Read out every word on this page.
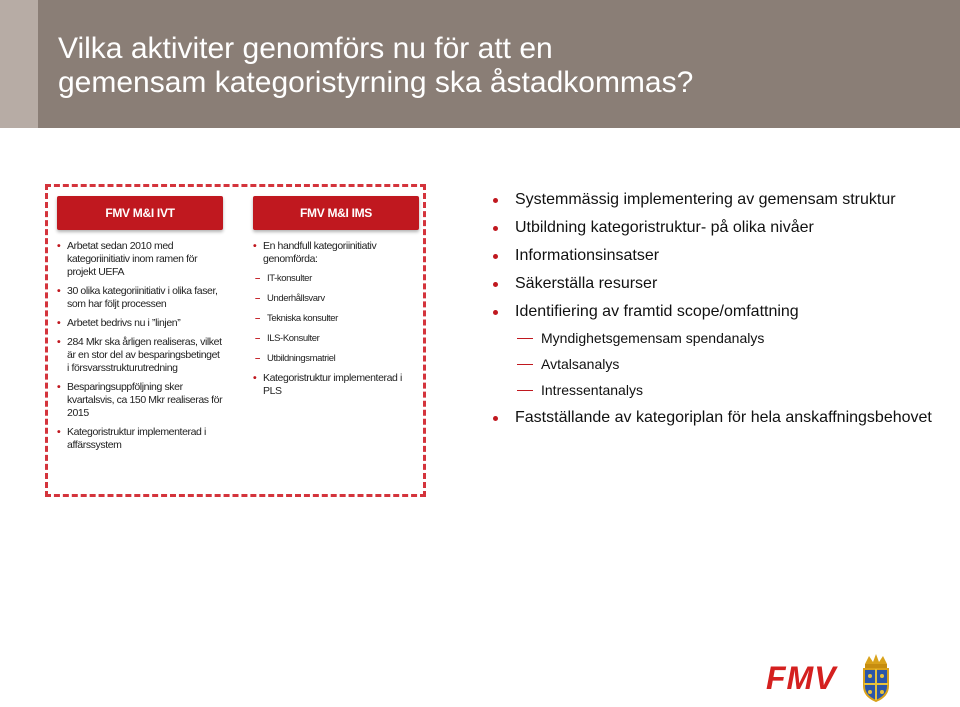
Vilka aktiviter genomförs nu för att en
gemensam kategoristyrning ska åstadkommas?
FMV M&I IVT
• Arbetat sedan 2010 med kategoriinitiativ inom ramen för projekt UEFA
• 30 olika kategoriinitiativ i olika faser, som har följt processen
• Arbetet bedrivs nu i ”linjen”
• 284 Mkr ska årligen realiseras, vilket är en stor del av besparingsbetinget i försvarsstrukturutredning
• Besparingsuppföljning sker kvartalsvis, ca 150 Mkr realiseras för 2015
• Kategoristruktur implementerad i affärssystem
FMV M&I IMS
• En handfull kategoriinitiativ genomförda:
– IT-konsulter
– Underhållsvarv
– Tekniska konsulter
– ILS-Konsulter
– Utbildningsmatriel
• Kategoristruktur implementerad i PLS
Systemmässig implementering av gemensam struktur
Utbildning kategoristruktur- på olika nivåer
Informationsinsatser
Säkerställa resurser
Identifiering av framtid scope/omfattning
Myndighetsgemensam spendanalys
Avtalsanalys
Intressentanalys
Fastställande av kategoriplan för hela anskaffningsbehovet
FMV
